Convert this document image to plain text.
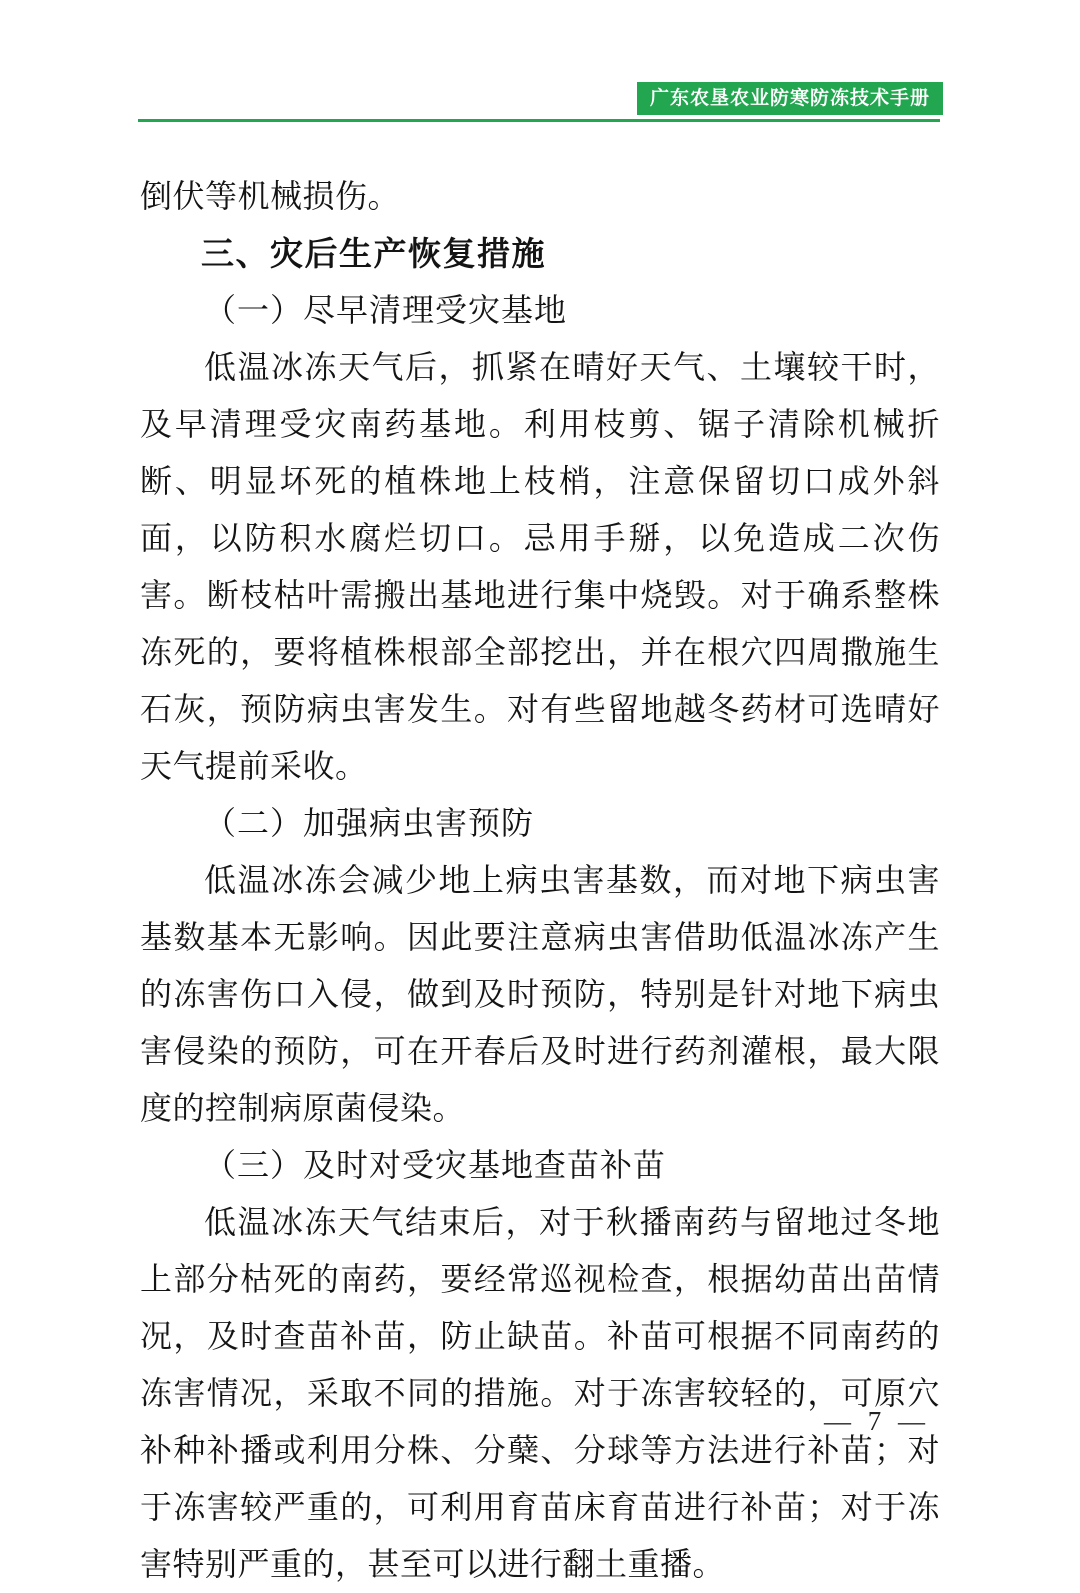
广东农垦农业防寒防冻技术手册

倒伏等机械损伤。

三、灾后生产恢复措施
（一）尽早清理受灾基地

低温冰冻天气后，抓紧在晴好天气、土壤较干时，及早清理受灾南药基地。利用枝剪、锯子清除机械折断、明显坏死的植株地上枝梢，注意保留切口成外斜面，以防积水腐烂切口。忌用手掰，以免造成二次伤害。断枝枯叶需搬出基地进行集中烧毁。对于确系整株冻死的，要将植株根部全部挖出，并在根穴四周撒施生石灰，预防病虫害发生。对有些留地越冬药材可选晴好天气提前采收。

（二）加强病虫害预防

低温冰冻会减少地上病虫害基数，而对地下病虫害基数基本无影响。因此要注意病虫害借助低温冰冻产生的冻害伤口入侵，做到及时预防，特别是针对地下病虫害侵染的预防，可在开春后及时进行药剂灌根，最大限度的控制病原菌侵染。

（三）及时对受灾基地查苗补苗

低温冰冻天气结束后，对于秋播南药与留地过冬地上部分枯死的南药，要经常巡视检查，根据幼苗出苗情况，及时查苗补苗，防止缺苗。补苗可根据不同南药的冻害情况，采取不同的措施。对于冻害较轻的，可原穴补种补播或利用分株、分蘖、分球等方法进行补苗；对于冻害较严重的，可利用育苗床育苗进行补苗；对于冻害特别严重的，甚至可以进行翻土重播。

— 7 —
